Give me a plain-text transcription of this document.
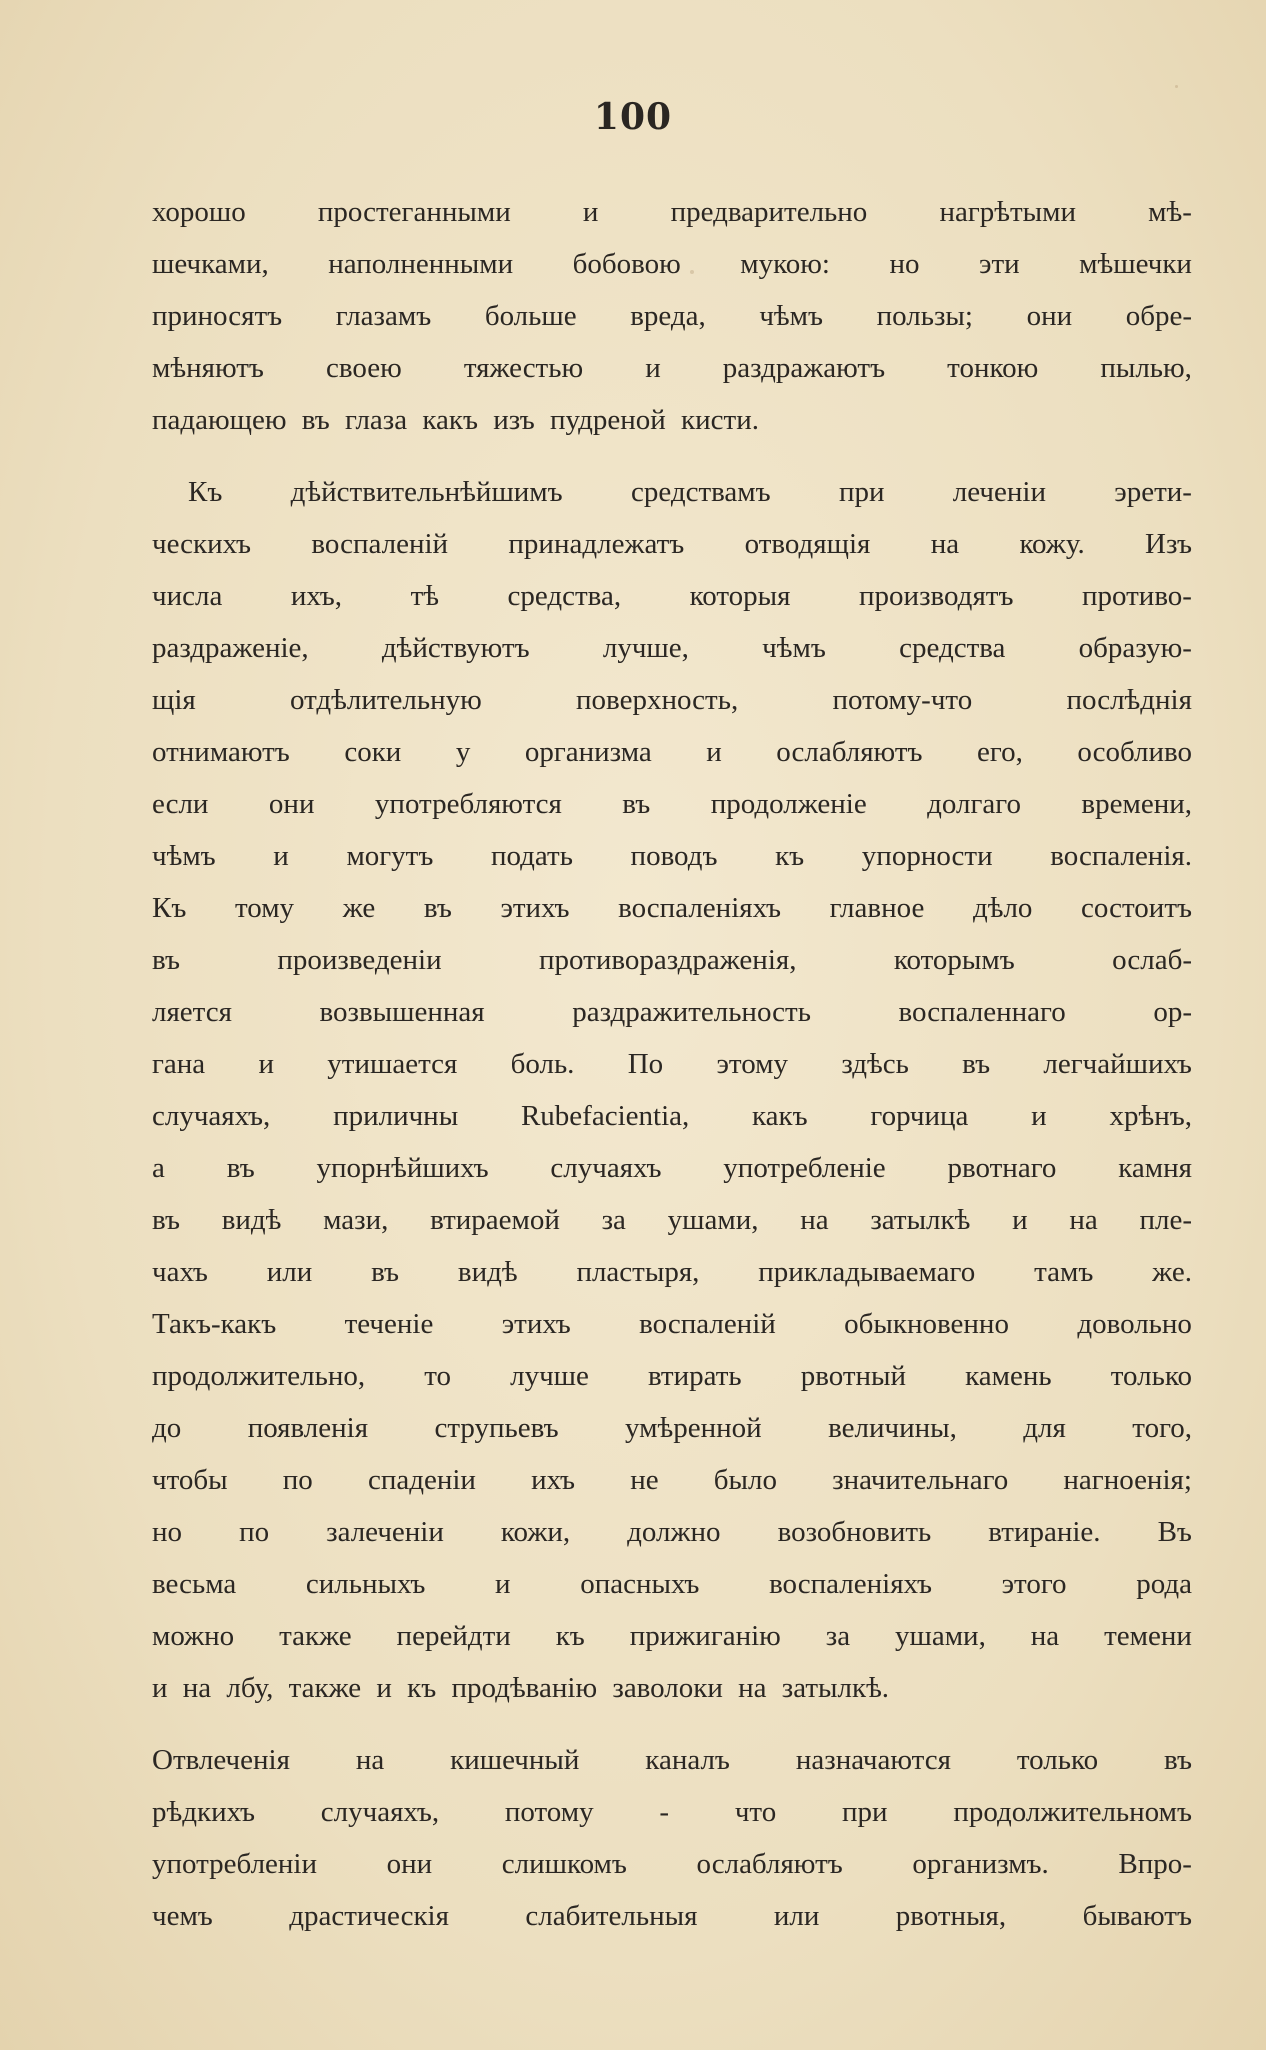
100
хорошо простеганными и предварительно нагрѣтыми мѣ-
шечками, наполненными бобовою мукою: но эти мѣшечки
приносятъ глазамъ больше вреда, чѣмъ пользы; они обре-
мѣняютъ своею тяжестью и раздражаютъ тонкою пылью,
падающею въ глаза какъ изъ пудреной кисти.
Къ дѣйствительнѣйшимъ средствамъ при леченіи эрети-
ческихъ воспаленій принадлежатъ отводящія на кожу. Изъ
числа ихъ, тѣ средства, которыя производятъ противо-
раздраженіе,	дѣйствуютъ	лучше,	чѣмъ	средства	образую-
щія	отдѣлительную	поверхность,	потому-что	послѣднія
отнимаютъ соки у организма и ослабляютъ его, особливо
если они употребляются въ продолженіе долгаго времени,
чѣмъ и могутъ подать поводъ къ упорности воспаленія.
Къ тому же въ этихъ воспаленіяхъ главное дѣло состоитъ
въ	произведеніи	противораздраженія,	которымъ	ослаб-
ляется	возвышенная	раздражительность	воспаленнаго	ор-
гана и утишается боль. По этому здѣсь въ легчайшихъ
случаяхъ, приличны Rubefacientia, какъ горчица и хрѣнъ,
а въ упорнѣйшихъ случаяхъ употребленіе рвотнаго камня
въ видѣ мази, втираемой за ушами, на затылкѣ и на пле-
чахъ или въ видѣ пластыря, прикладываемаго тамъ же.
Такъ-какъ теченіе этихъ воспаленій обыкновенно довольно
продолжительно, то лучше втирать рвотный камень только
до появленія струпьевъ умѣренной величины, для того,
чтобы по спаденіи ихъ не было значительнаго нагноенія;
но по залеченіи кожи, должно возобновить втираніе. Въ
весьма сильныхъ и опасныхъ воспаленіяхъ этого рода
можно также перейдти къ прижиганію за ушами, на темени
и на лбу, также и къ продѣванію заволоки на затылкѣ.
Отвлеченія на кишечный каналъ назначаются только въ
рѣдкихъ случаяхъ, потому - что при продолжительномъ
употребленіи они слишкомъ ослабляютъ организмъ. Впро-
чемъ	драстическія	слабительныя	или	рвотныя,	бываютъ
